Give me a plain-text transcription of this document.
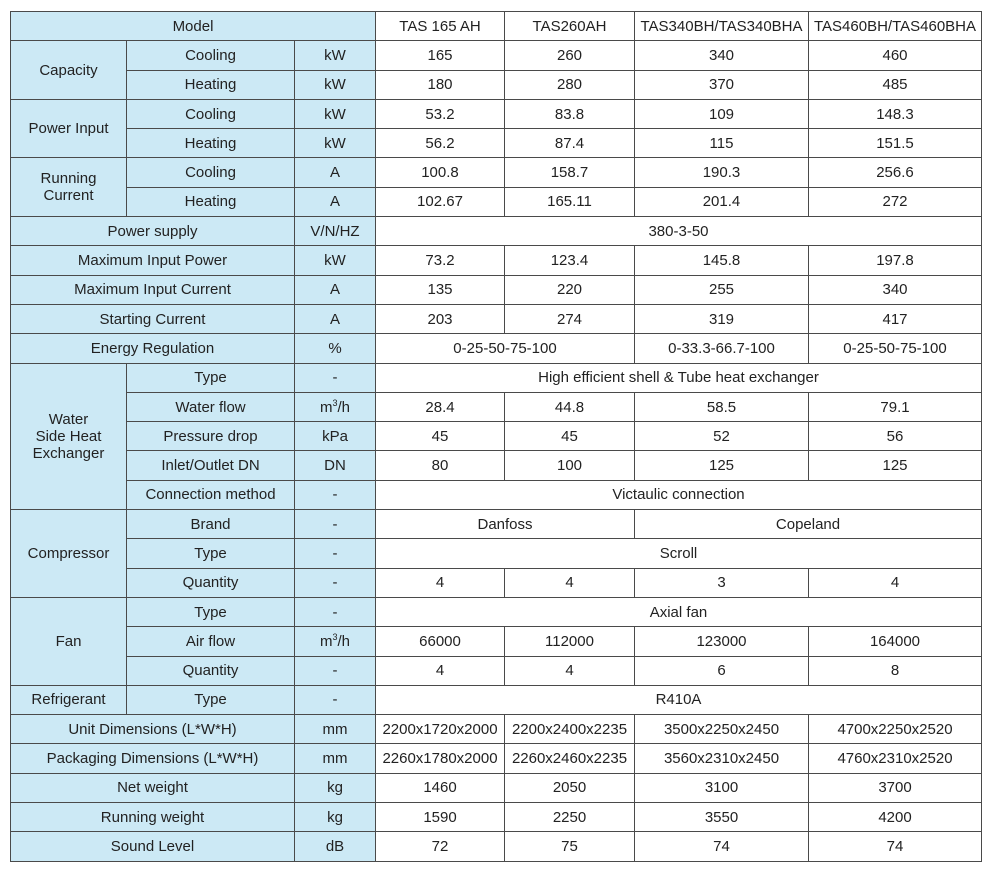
Model			TAS 165 AH	TAS260AH	TAS340BH/TAS340BHA	TAS460BH/TAS460BHA
Capacity	Cooling	kW	165	260	340	460
	Heating	kW	180	280	370	485
Power Input	Cooling	kW	53.2	83.8	109	148.3
	Heating	kW	56.2	87.4	115	151.5

Running
Current	Cooling	A	100.8	158.7	190.3	256.6
	Heating	A	102.67	165.11	201.4	272
Power supply		V/N/HZ	380-3-50			
Maximum Input Power		kW	73.2	123.4	145.8	197.8
Maximum Input Current		A	135	220	255	340
Starting Current		A	203	274	319	417
Energy Regulation		%	0-25-50-75-100		0-33.3-66.7-100	0-25-50-75-100

Water
Side Heat
Exchanger	Type	-	High efficient shell & Tube heat exchanger			
	Water flow	$m^3/h$	28.4	44.8	58.5	79.1
	Pressure drop	kPa	45	45	52	56
	Inlet/Outlet DN	DN	80	100	125	125
	Connection method	-	Victaulic connection			
Compressor	Brand	-	Danfoss		Copeland	
	Type	-	Scroll			
	Quantity	-	4	4	3	4
Fan	Type	-	Axial fan			
	Air flow	$m^3/h$	66000	112000	123000	164000
	Quantity	-	4	4	6	8
Refrigerant	Type	-	R410A			
Unit Dimensions (L*W*H)		mm	2200x1720x2000	2200x2400x2235	3500x2250x2450	4700x2250x2520
Packaging Dimensions (L*W*H)		mm	2260x1780x2000	2260x2460x2235	3560x2310x2450	4760x2310x2520
Net weight		kg	1460	2050	3100	3700
Running weight		kg	1590	2250	3550	4200
Sound Level		dB	72	75	74	74
